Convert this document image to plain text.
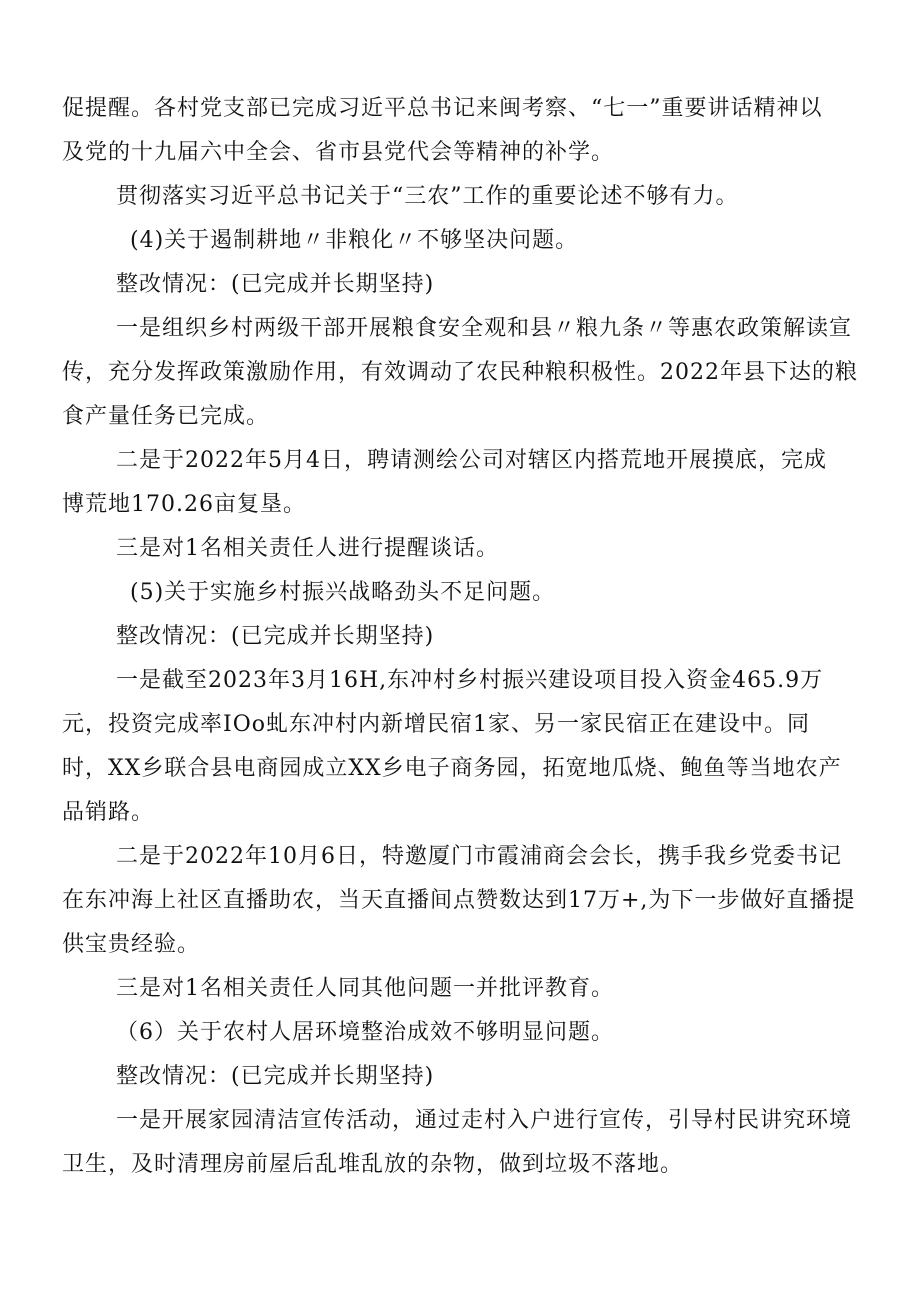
促提醒。各村党支部已完成习近平总书记来闽考察、“七一”重要讲话精神以

及党的十九届六中全会、省市县党代会等精神的补学。

贯彻落实习近平总书记关于“三农”工作的重要论述不够有力。

(4)关于遏制耕地〃非粮化〃不够坚决问题。

整改情况：(已完成并长期坚持)

一是组织乡村两级干部开展粮食安全观和县〃粮九条〃等惠农政策解读宣

传，充分发挥政策激励作用，有效调动了农民种粮积极性。2022年县下达的粮

食产量任务已完成。

二是于2022年5月4日，聘请测绘公司对辖区内搭荒地开展摸底，完成

博荒地170.26亩复垦。

三是对1名相关责任人进行提醒谈话。

(5)关于实施乡村振兴战略劲头不足问题。

整改情况：(已完成并长期坚持)

一是截至2023年3月16H,东冲村乡村振兴建设项目投入资金465.9万

元，投资完成率IOo虬东冲村内新增民宿1家、另一家民宿正在建设中。同

时，XX乡联合县电商园成立XX乡电子商务园，拓宽地瓜烧、鲍鱼等当地农产

品销路。

二是于2022年10月6日，特邀厦门市霞浦商会会长，携手我乡党委书记

在东冲海上社区直播助农，当天直播间点赞数达到17万+,为下一步做好直播提

供宝贵经验。

三是对1名相关责任人同其他问题一并批评教育。

（6）关于农村人居环境整治成效不够明显问题。

整改情况：(已完成并长期坚持)

一是开展家园清洁宣传活动，通过走村入户进行宣传，引导村民讲究环境

卫生，及时清理房前屋后乱堆乱放的杂物，做到垃圾不落地。
